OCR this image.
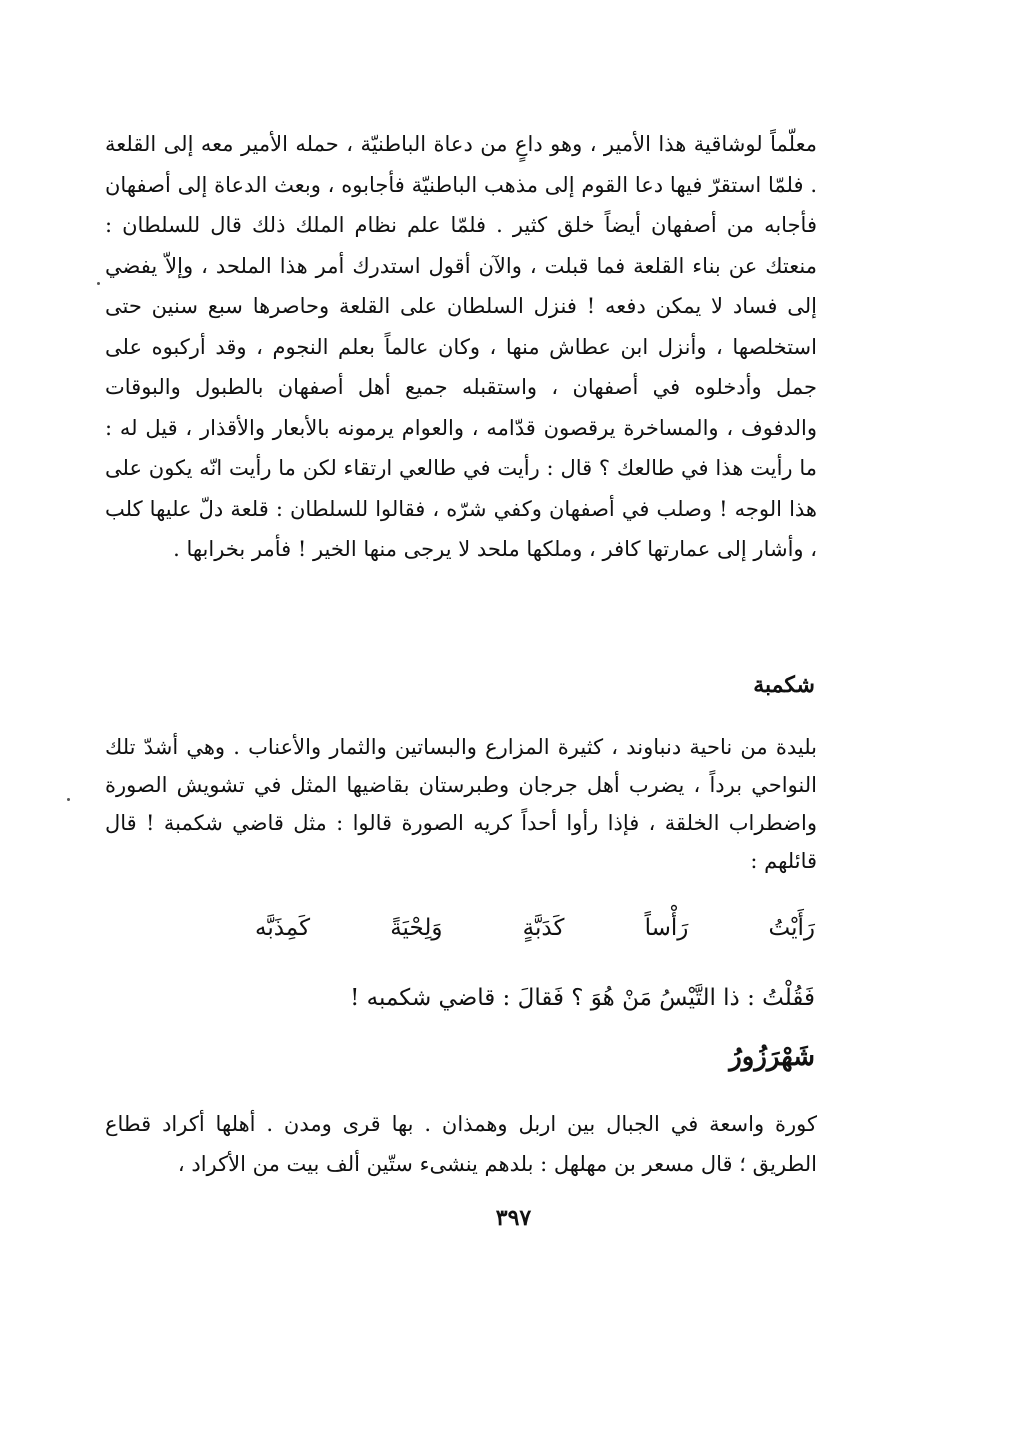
معلّماً لوشاقية هذا الأمير ، وهو داعٍ من دعاة الباطنيّة ، حمله الأمير معه إلى القلعة . فلمّا استقرّ فيها دعا القوم إلى مذهب الباطنيّة فأجابوه ، وبعث الدعاة إلى أصفهان فأجابه من أصفهان أيضاً خلق كثير . فلمّا علم نظام الملك ذلك قال للسلطان : منعتك عن بناء القلعة فما قبلت ، والآن أقول استدرك أمر هذا الملحد ، وإلاّ يفضي إلى فساد لا يمكن دفعه ! فنزل السلطان على القلعة وحاصرها سبع سنين حتى استخلصها ، وأنزل ابن عطاش منها ، وكان عالماً بعلم النجوم ، وقد أركبوه على جمل وأدخلوه في أصفهان ، واستقبله جميع أهل أصفهان بالطبول والبوقات والدفوف ، والمساخرة يرقصون قدّامه ، والعوام يرمونه بالأبعار والأقذار ، قيل له : ما رأيت هذا في طالعك ؟ قال : رأيت في طالعي ارتقاء لكن ما رأيت انّه يكون على هذا الوجه ! وصلب في أصفهان وكفي شرّه ، فقالوا للسلطان : قلعة دلّ عليها كلب ، وأشار إلى عمارتها كافر ، وملكها ملحد لا يرجى منها الخير ! فأمر بخرابها .
شكمبة
بليدة من ناحية دنباوند ، كثيرة المزارع والبساتين والثمار والأعناب . وهي أشدّ تلك النواحي برداً ، يضرب أهل جرجان وطبرستان بقاضيها المثل في تشويش الصورة واضطراب الخلقة ، فإذا رأوا أحداً كريه الصورة قالوا : مثل قاضي شكمبة ! قال قائلهم :
رَأَيْتُ رَأْساً كَدَبَّةٍ وَلِحْيَةً كَمِذَبَّه
فَقُلْتُ : ذا التَّيْسُ مَنْ هُوَ ؟ فَقالَ : قاضي شكمبه !
شَهْرَزُورُ
كورة واسعة في الجبال بين اربل وهمذان . بها قرى ومدن . أهلها أكراد قطاع الطريق ؛ قال مسعر بن مهلهل : بلدهم ينشىء ستّين ألف بيت من الأكراد ،
٣٩٧
